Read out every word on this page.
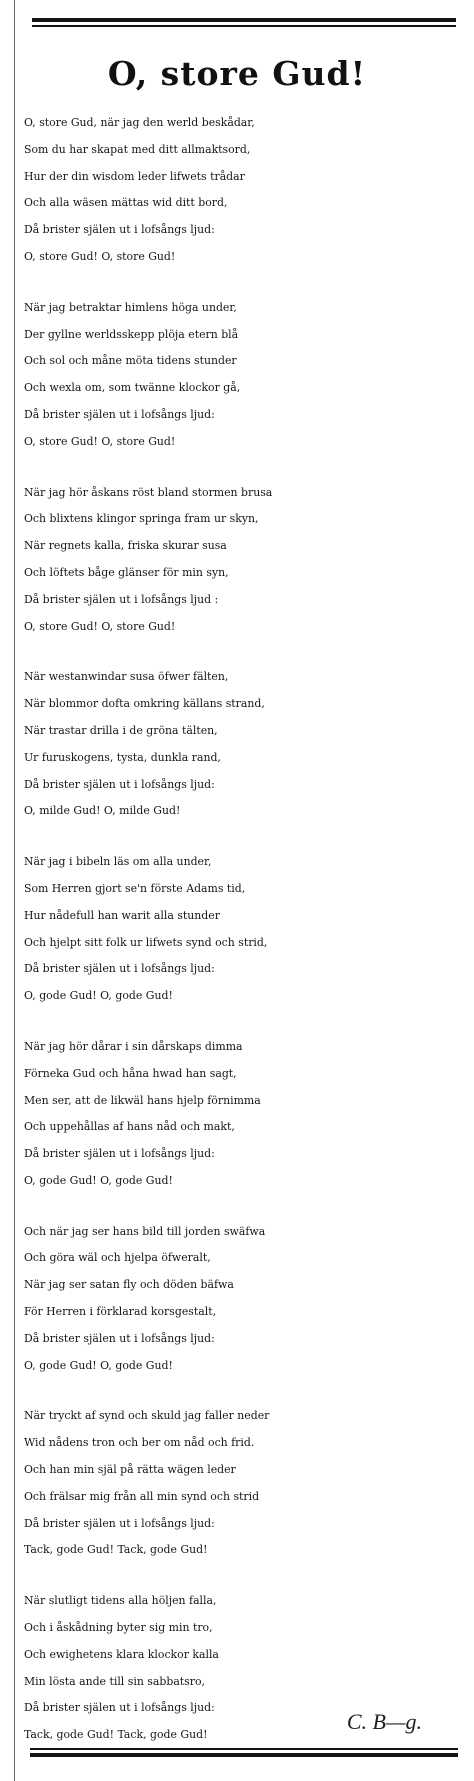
O, store Gud!
O, store Gud, när jag den werld beskådar,
Som du har skapat med ditt allmaktsord,
Hur der din wisdom leder lifwets trådar
Och alla wäsen mättas wid ditt bord,
Då brister själen ut i lofsångs ljud:
O, store Gud! O, store Gud!
När jag betraktar himlens höga under,
Der gyllne werldsskepp plöja etern blå
Och sol och måne möta tidens stunder
Och wexla om, som twänne klockor gå,
Då brister själen ut i lofsångs ljud:
O, store Gud! O, store Gud!
När jag hör åskans röst bland stormen brusa
Och blixtens klingor springa fram ur skyn,
När regnets kalla, friska skurar susa
Och löftets båge glänser för min syn,
Då brister själen ut i lofsångs ljud :
O, store Gud! O, store Gud!
När westanwindar susa öfwer fälten,
När blommor dofta omkring källans strand,
När trastar drilla i de gröna tälten,
Ur furuskogens, tysta, dunkla rand,
Då brister själen ut i lofsångs ljud:
O, milde Gud! O, milde Gud!
När jag i bibeln läs om alla under,
Som Herren gjort se'n förste Adams tid,
Hur nådefull han warit alla stunder
Och hjelpt sitt folk ur lifwets synd och strid,
Då brister själen ut i lofsångs ljud:
O, gode Gud! O, gode Gud!
När jag hör dårar i sin dårskaps dimma
Förneka Gud och håna hwad han sagt,
Men ser, att de likwäl hans hjelp förnimma
Och uppehållas af hans nåd och makt,
Då brister själen ut i lofsångs ljud:
O, gode Gud! O, gode Gud!
Och när jag ser hans bild till jorden swäfwa
Och göra wäl och hjelpa öfweralt,
När jag ser satan fly och döden bäfwa
För Herren i förklarad korsgestalt,
Då brister själen ut i lofsångs ljud:
O, gode Gud! O, gode Gud!
När tryckt af synd och skuld jag faller neder
Wid nådens tron och ber om nåd och frid.
Och han min själ på rätta wägen leder
Och frälsar mig från all min synd och strid
Då brister själen ut i lofsångs ljud:
Tack, gode Gud! Tack, gode Gud!
När slutligt tidens alla höljen falla,
Och i åskådning byter sig min tro,
Och ewighetens klara klockor kalla
Min lösta ande till sin sabbatsro,
Då brister själen ut i lofsångs ljud:
Tack, gode Gud! Tack, gode Gud!
C. B—g.
